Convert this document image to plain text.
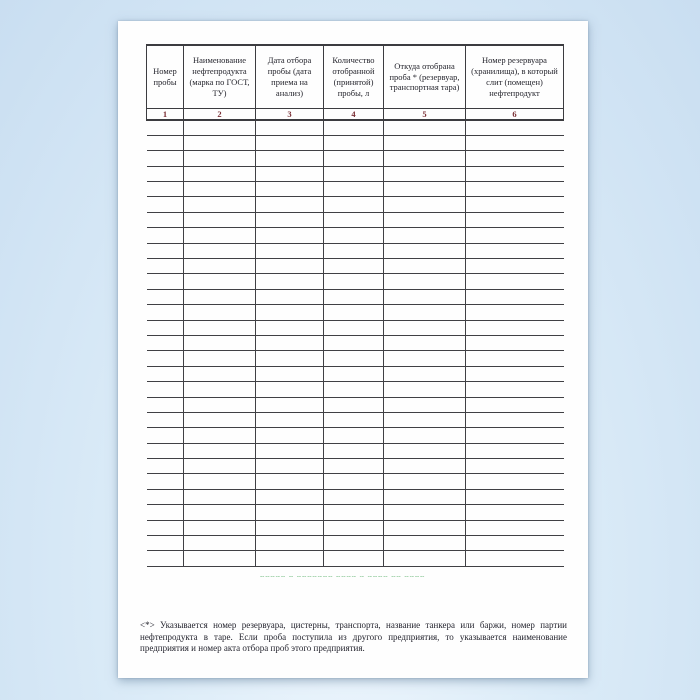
Номер пробы	Наименование нефтепродукта (марка по ГОСТ, ТУ)	Дата отбора пробы (дата приема на анализ)	Количество отобранной (принятой) пробы, л	Откуда отобрана проба * (резервуар, транспортная тара)	Номер резервуара (хранилища), в который слит (помещен) нефтепродукт
1	2	3	4	5	6

╌╌╌╌╌ ╌ ╌╌╌╌╌╌╌ ╌╌╌╌ ╌ ╌╌╌╌ ╌╌ ╌╌╌╌

<*> Указывается номер резервуара, цистерны, транспорта, название танкера или баржи, номер партии нефтепродукта в таре. Если проба поступила из другого предприятия, то указывается наименование предприятия и номер акта отбора проб этого предприятия.
